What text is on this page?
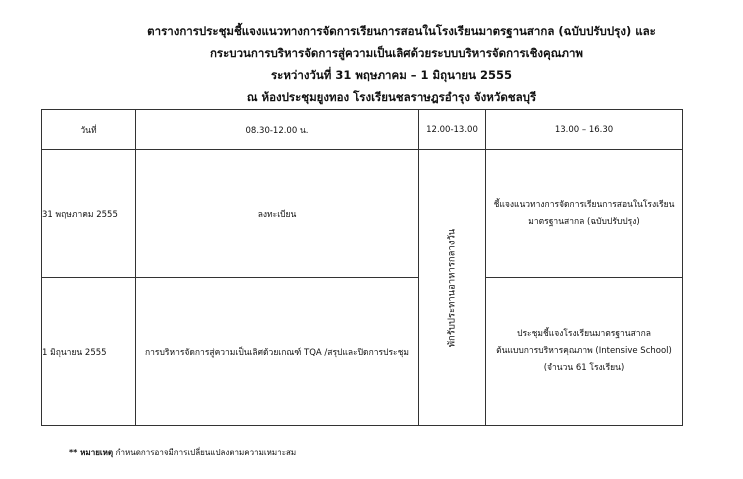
ตารางการประชุมชี้แจงแนวทางการจัดการเรียนการสอนในโรงเรียนมาตรฐานสากล (ฉบับปรับปรุง) และ
กระบวนการบริหารจัดการสู่ความเป็นเลิศด้วยระบบบริหารจัดการเชิงคุณภาพ
ระหว่างวันที่ 31 พฤษภาคม – 1 มิถุนายน 2555
ณ ห้องประชุมยูงทอง โรงเรียนชลราษฎรอำรุง จังหวัดชลบุรี
วันที่	08.30-12.00 น.	12.00-13.00	13.00 – 16.30
31 พฤษภาคม 2555	ลงทะเบียน	พักรับประทานอาหารกลางวัน	ชี้แจงแนวทางการจัดการเรียนการสอนในโรงเรียน
มาตรฐานสากล (ฉบับปรับปรุง)

1 มิถุนายน 2555	การบริหารจัดการสู่ความเป็นเลิศด้วยเกณฑ์ TQA /สรุปและปิดการประชุม		ประชุมชี้แจงโรงเรียนมาตรฐานสากล
ต้นแบบการบริหารคุณภาพ (Intensive School)
(จำนวน 61 โรงเรียน)
** หมายเหตุ กำหนดการอาจมีการเปลี่ยนแปลงตามความเหมาะสม
